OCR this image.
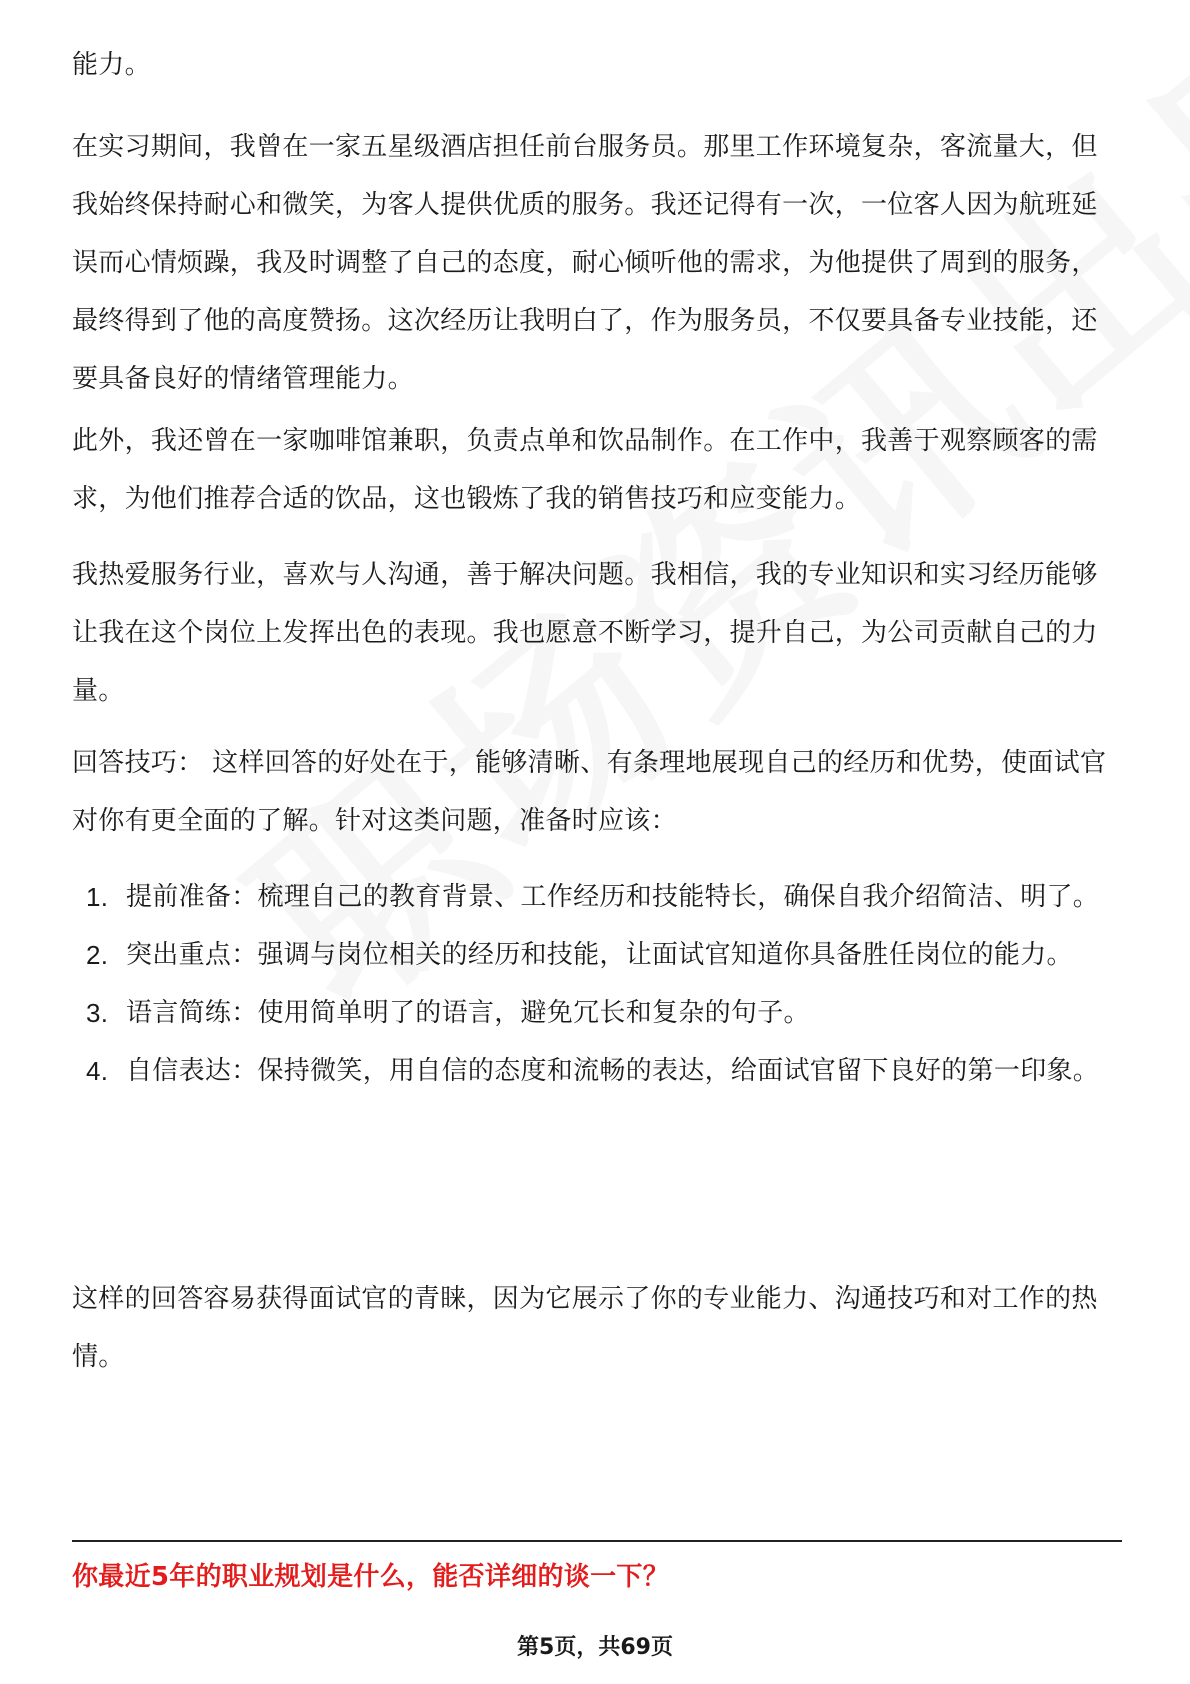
能力。

在实习期间，我曾在一家五星级酒店担任前台服务员。那里工作环境复杂，客流量大，但我始终保持耐心和微笑，为客人提供优质的服务。我还记得有一次，一位客人因为航班延误而心情烦躁，我及时调整了自己的态度，耐心倾听他的需求，为他提供了周到的服务，最终得到了他的高度赞扬。这次经历让我明白了，作为服务员，不仅要具备专业技能，还要具备良好的情绪管理能力。

此外，我还曾在一家咖啡馆兼职，负责点单和饮品制作。在工作中，我善于观察顾客的需求，为他们推荐合适的饮品，这也锻炼了我的销售技巧和应变能力。

我热爱服务行业，喜欢与人沟通，善于解决问题。我相信，我的专业知识和实习经历能够让我在这个岗位上发挥出色的表现。我也愿意不断学习，提升自己，为公司贡献自己的力量。

回答技巧： 这样回答的好处在于，能够清晰、有条理地展现自己的经历和优势，使面试官对你有更全面的了解。针对这类问题，准备时应该：

1. 提前准备：梳理自己的教育背景、工作经历和技能特长，确保自我介绍简洁、明了。
2. 突出重点：强调与岗位相关的经历和技能，让面试官知道你具备胜任岗位的能力。
3. 语言简练：使用简单明了的语言，避免冗长和复杂的句子。
4. 自信表达：保持微笑，用自信的态度和流畅的表达，给面试官留下良好的第一印象。

这样的回答容易获得面试官的青睐，因为它展示了你的专业能力、沟通技巧和对工作的热情。

你最近5年的职业规划是什么，能否详细的谈一下？
第5页，共69页
